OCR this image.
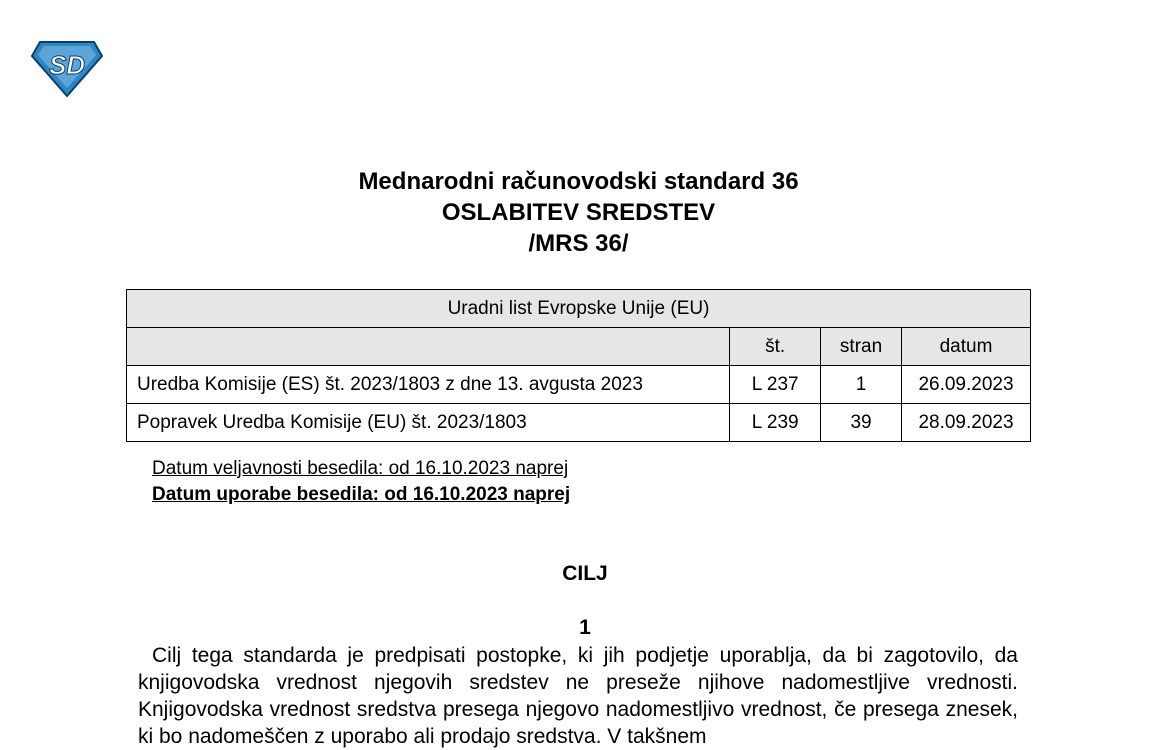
SD
Mednarodni računovodski standard 36
OSLABITEV SREDSTEV
/MRS 36/
Uradni list Evropske Unije (EU)			
	št.	stran	datum
Uredba Komisije (ES) št. 2023/1803 z dne 13. avgusta 2023	L 237	1	26.09.2023
Popravek Uredba Komisije (EU) št. 2023/1803	L 239	39	28.09.2023
Datum veljavnosti besedila: od 16.10.2023 naprej
Datum uporabe besedila: od 16.10.2023 naprej
CILJ
1
Cilj tega standarda je predpisati postopke, ki jih podjetje uporablja, da bi zagotovilo, da knjigovodska vrednost njegovih sredstev ne preseže njihove nadomestljive vrednosti. Knjigovodska vrednost sredstva presega njegovo nadomestljivo vrednost, če presega znesek, ki bo nadomeščen z uporabo ali prodajo sredstva. V takšnem
